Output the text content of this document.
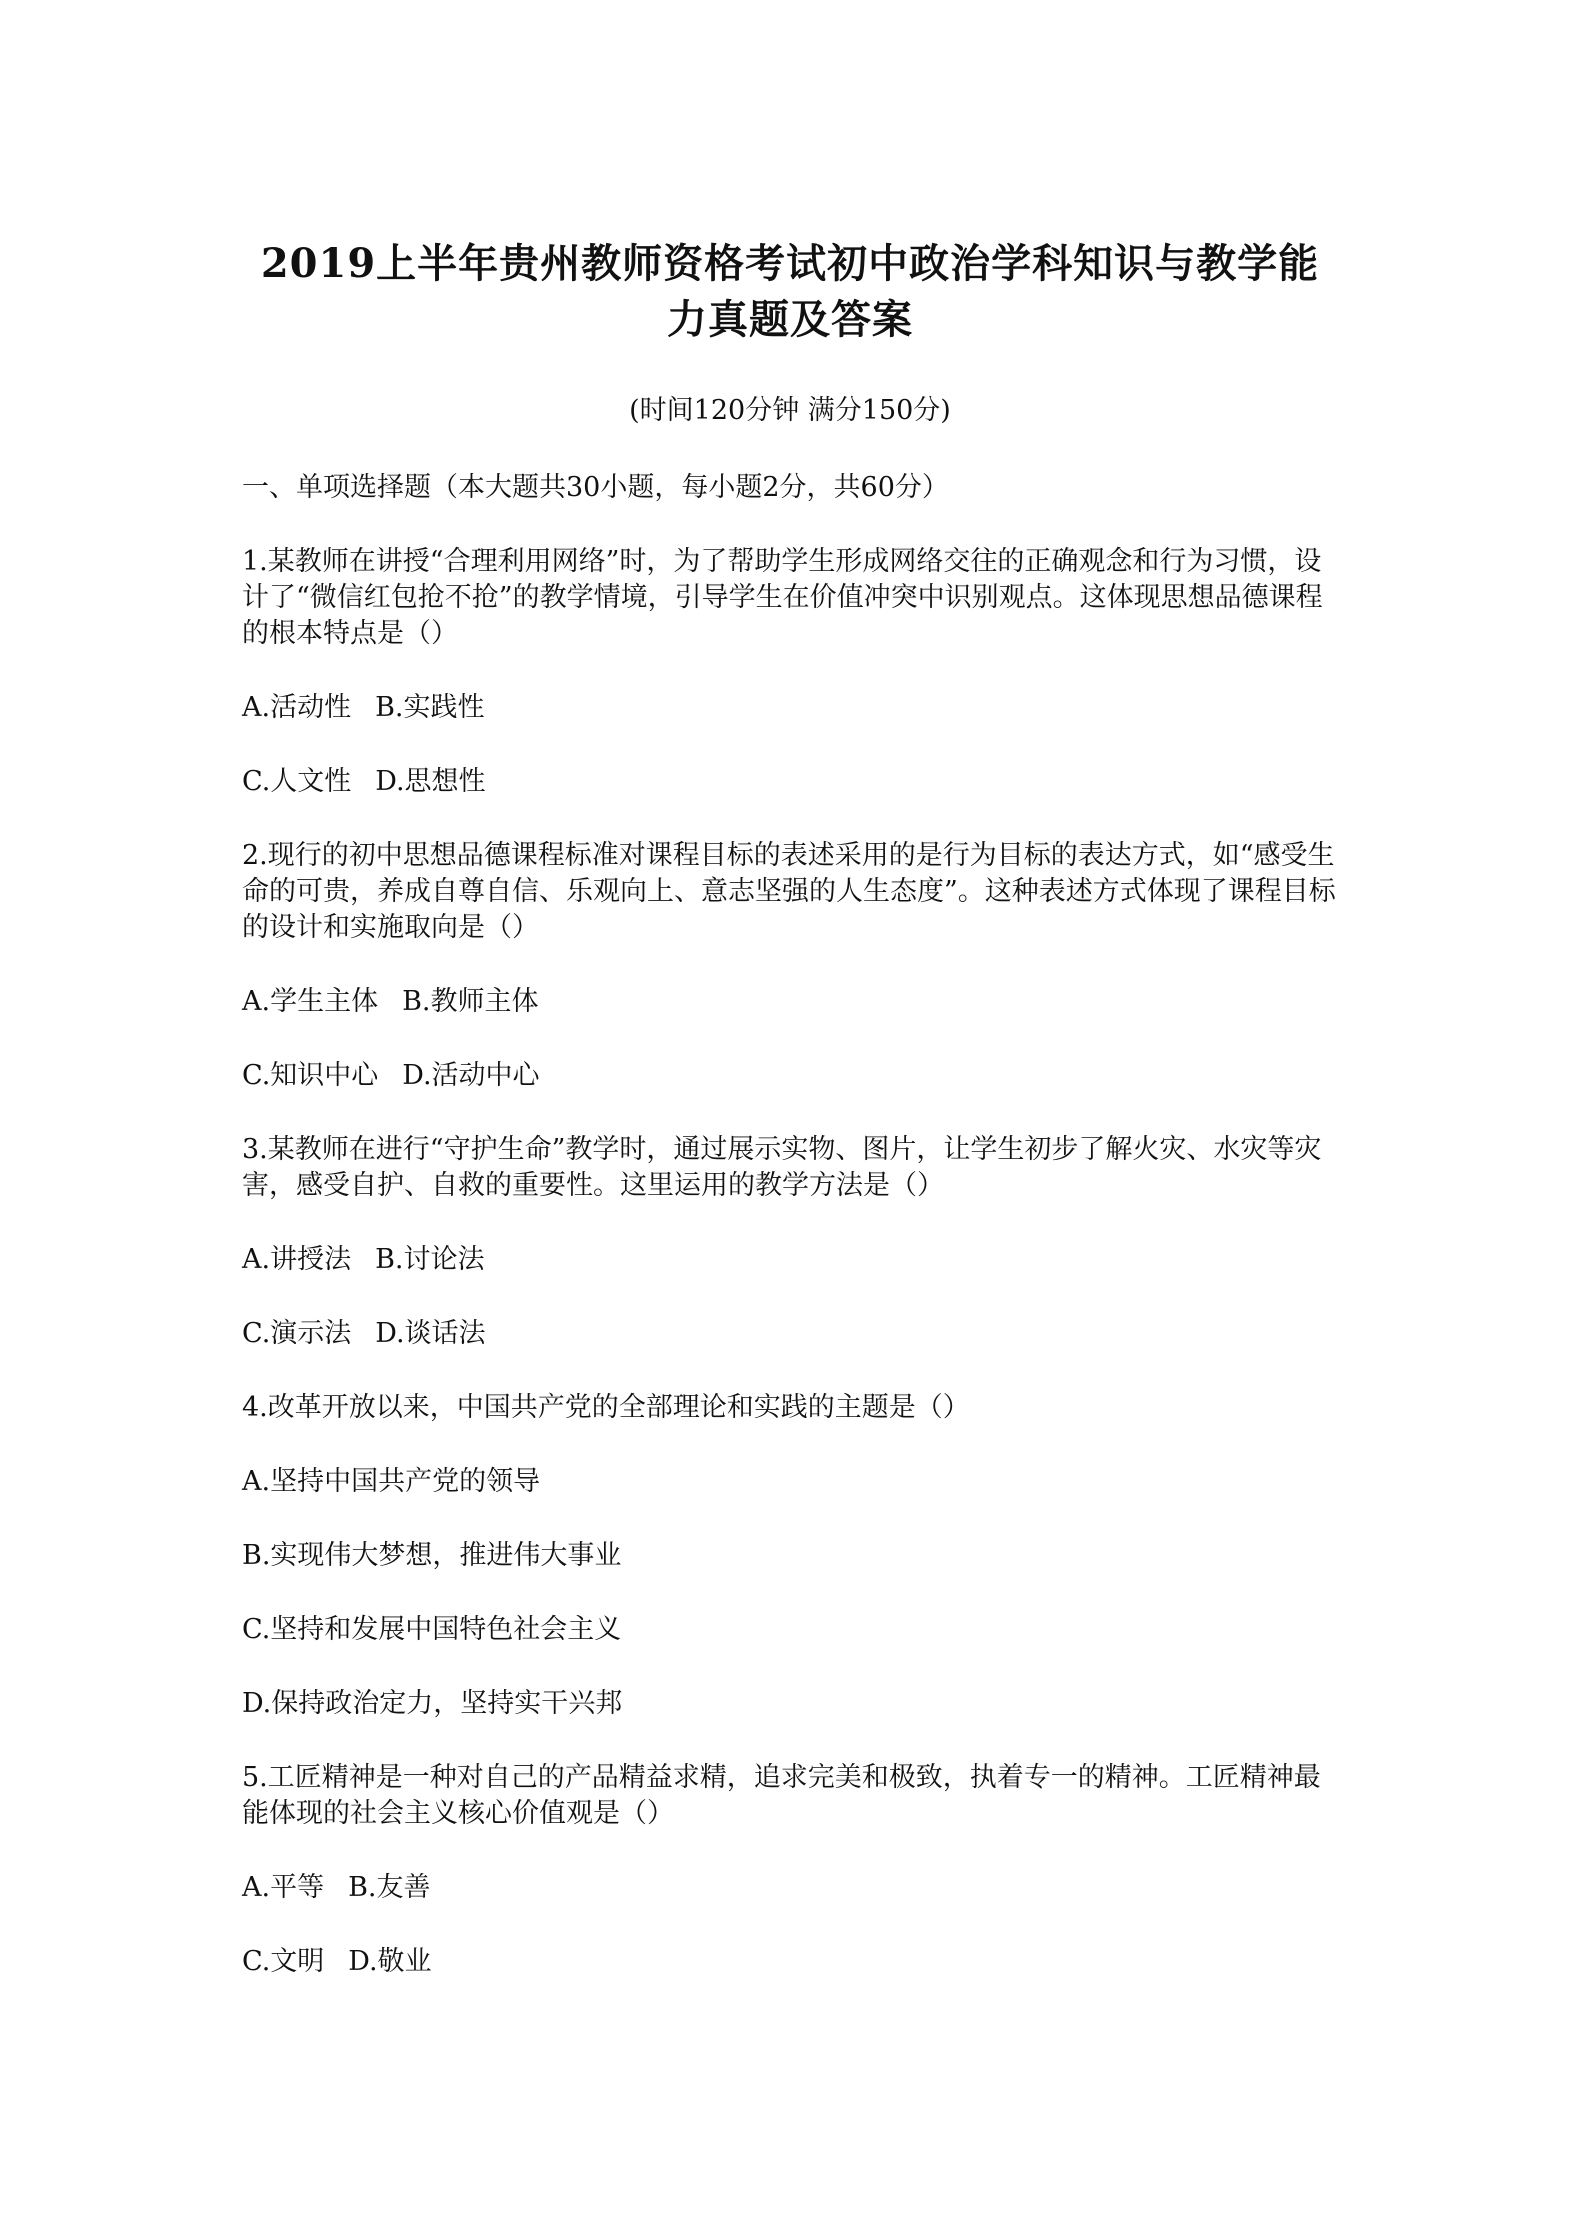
2019上半年贵州教师资格考试初中政治学科知识与教学能
力真题及答案
(时间120分钟 满分150分)

一、单项选择题（本大题共30小题，每小题2分，共60分）

1.某教师在讲授“合理利用网络”时，为了帮助学生形成网络交往的正确观念和行为习惯，设计了“微信红包抢不抢”的教学情境，引导学生在价值冲突中识别观点。这体现思想品德课程的根本特点是（）

A.活动性 B.实践性

C.人文性 D.思想性

2.现行的初中思想品德课程标准对课程目标的表述采用的是行为目标的表达方式，如“感受生命的可贵，养成自尊自信、乐观向上、意志坚强的人生态度”。这种表述方式体现了课程目标的设计和实施取向是（）

A.学生主体 B.教师主体

C.知识中心 D.活动中心

3.某教师在进行“守护生命”教学时，通过展示实物、图片，让学生初步了解火灾、水灾等灾害，感受自护、自救的重要性。这里运用的教学方法是（）

A.讲授法 B.讨论法

C.演示法 D.谈话法

4.改革开放以来，中国共产党的全部理论和实践的主题是（）

A.坚持中国共产党的领导

B.实现伟大梦想，推进伟大事业

C.坚持和发展中国特色社会主义

D.保持政治定力，坚持实干兴邦

5.工匠精神是一种对自己的产品精益求精，追求完美和极致，执着专一的精神。工匠精神最能体现的社会主义核心价值观是（）

A.平等 B.友善

C.文明 D.敬业
